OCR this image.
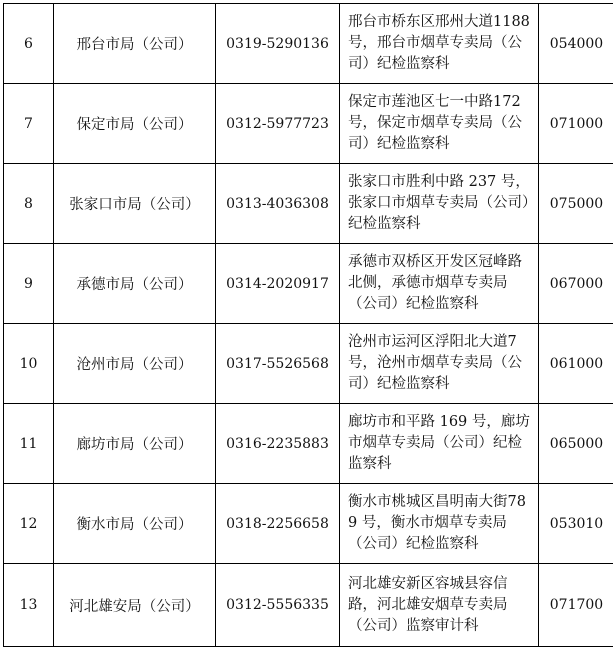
6	邢台市局（公司）	0319-5290136	邢台市桥东区邢州大道1188 号，邢台市烟草专卖局（公司）纪检监察科	054000
7	保定市局（公司）	0312-5977723	保定市莲池区七一中路172 号，保定市烟草专卖局（公司）纪检监察科	071000
8	张家口市局（公司）	0313-4036308	张家口市胜利中路 237 号，张家口市烟草专卖局（公司）纪检监察科	075000
9	承德市局（公司）	0314-2020917	承德市双桥区开发区冠峰路北侧，承德市烟草专卖局（公司）纪检监察科	067000
10	沧州市局（公司）	0317-5526568	沧州市运河区浮阳北大道7 号，沧州市烟草专卖局（公司）纪检监察科	061000
11	廊坊市局（公司）	0316-2235883	廊坊市和平路 169 号，廊坊市烟草专卖局（公司）纪检监察科	065000
12	衡水市局（公司）	0318-2256658	衡水市桃城区昌明南大街789 号，衡水市烟草专卖局（公司）纪检监察科	053010
13	河北雄安局（公司）	0312-5556335	河北雄安新区容城县容信路，河北雄安烟草专卖局（公司）监察审计科	071700
